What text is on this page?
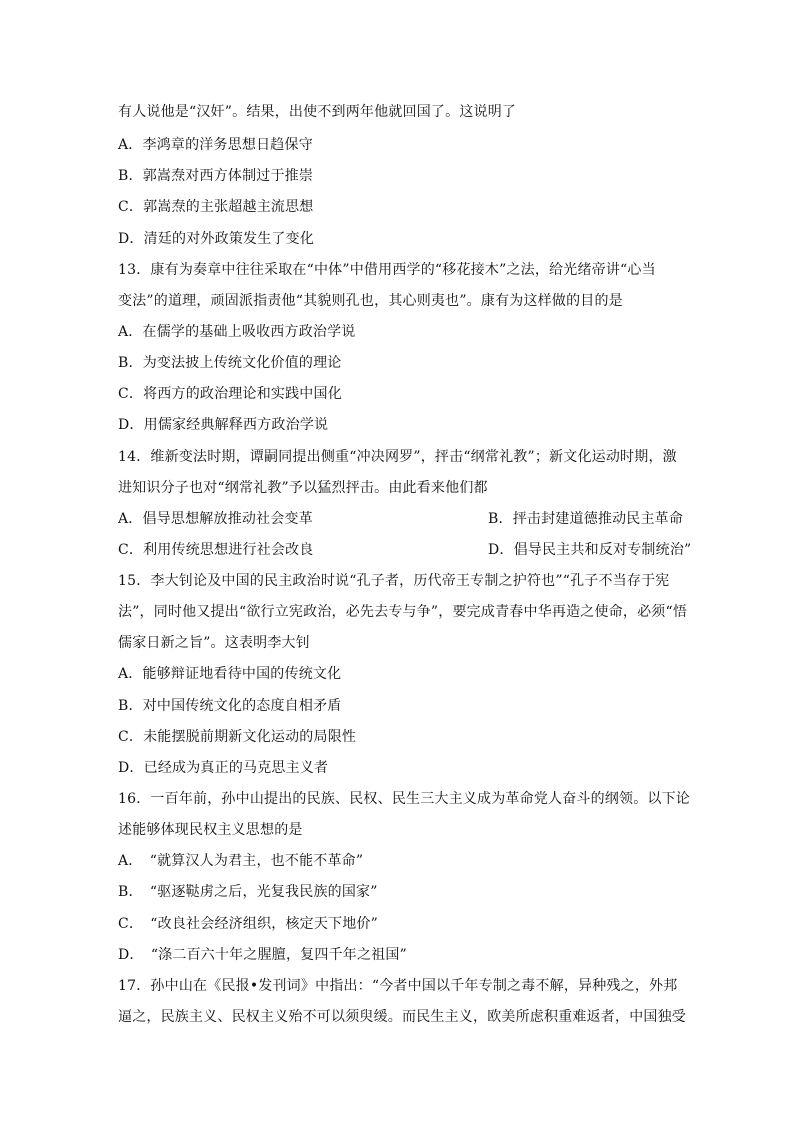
有人说他是“汉奸”。结果，出使不到两年他就回国了。这说明了
A．李鸿章的洋务思想日趋保守
B．郭嵩焘对西方体制过于推崇
C．郭嵩焘的主张超越主流思想
D．清廷的对外政策发生了变化
13．康有为奏章中往往采取在“中体”中借用西学的“移花接木”之法，给光绪帝讲“心当
变法”的道理，顽固派指责他“其貌则孔也，其心则夷也”。康有为这样做的目的是
A．在儒学的基础上吸收西方政治学说
B．为变法披上传统文化价值的理论
C．将西方的政治理论和实践中国化
D．用儒家经典解释西方政治学说
14．维新变法时期，谭嗣同提出侧重“冲决网罗”，抨击“纲常礼教”；新文化运动时期，激
进知识分子也对“纲常礼教”予以猛烈抨击。由此看来他们都
A．倡导思想解放推动社会变革	B．抨击封建道德推动民主革命
C．利用传统思想进行社会改良	D．倡导民主共和反对专制统治”
15．李大钊论及中国的民主政治时说“孔子者，历代帝王专制之护符也”“孔子不当存于宪
法”，同时他又提出“欲行立宪政治，必先去专与争”，要完成青春中华再造之使命，必须“悟
儒家日新之旨”。这表明李大钊
A．能够辩证地看待中国的传统文化
B．对中国传统文化的态度自相矛盾
C．未能摆脱前期新文化运动的局限性
D．已经成为真正的马克思主义者
16．一百年前，孙中山提出的民族、民权、民生三大主义成为革命党人奋斗的纲领。以下论
述能够体现民权主义思想的是
A．　“就算汉人为君主，也不能不革命”
B．　“驱逐鞑虏之后，光复我民族的国家”
C．　“改良社会经济组织，核定天下地价”
D．　“涤二百六十年之腥膻，复四千年之祖国”
17．孙中山在《民报•发刊词》中指出：“今者中国以千年专制之毒不解，异种残之，外邦
逼之，民族主义、民权主义殆不可以须臾缓。而民生主义，欧美所虑积重难返者，中国独受
